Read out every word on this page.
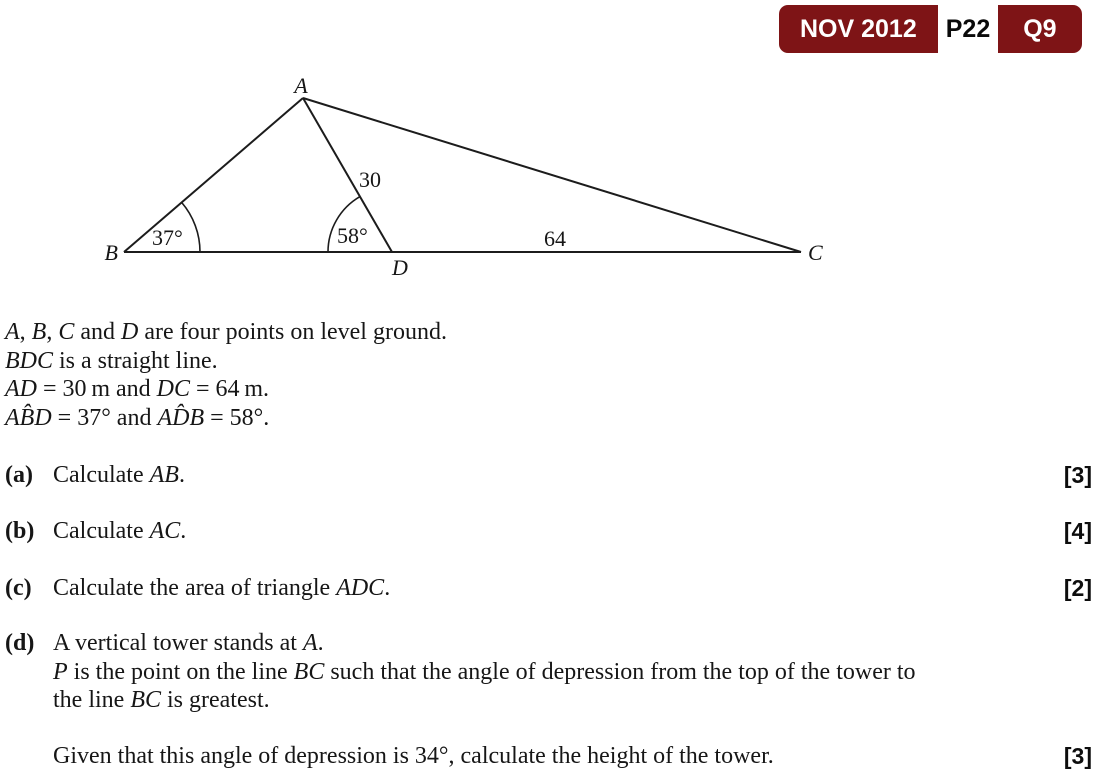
NOV 2012	P22	Q9
A
B	C
D
30
64
37°	58°
A, B, C and D are four points on level ground.
BDC is a straight line.
AD = 30 m and DC = 64 m.
AB̂D = 37° and AD̂B = 58°.
(a) Calculate AB.	[3]
(b) Calculate AC.	[4]
(c) Calculate the area of triangle ADC.	[2]
(d) A vertical tower stands at A.
P is the point on the line BC such that the angle of depression from the top of the tower to
the line BC is greatest.
Given that this angle of depression is 34°, calculate the height of the tower.	[3]
